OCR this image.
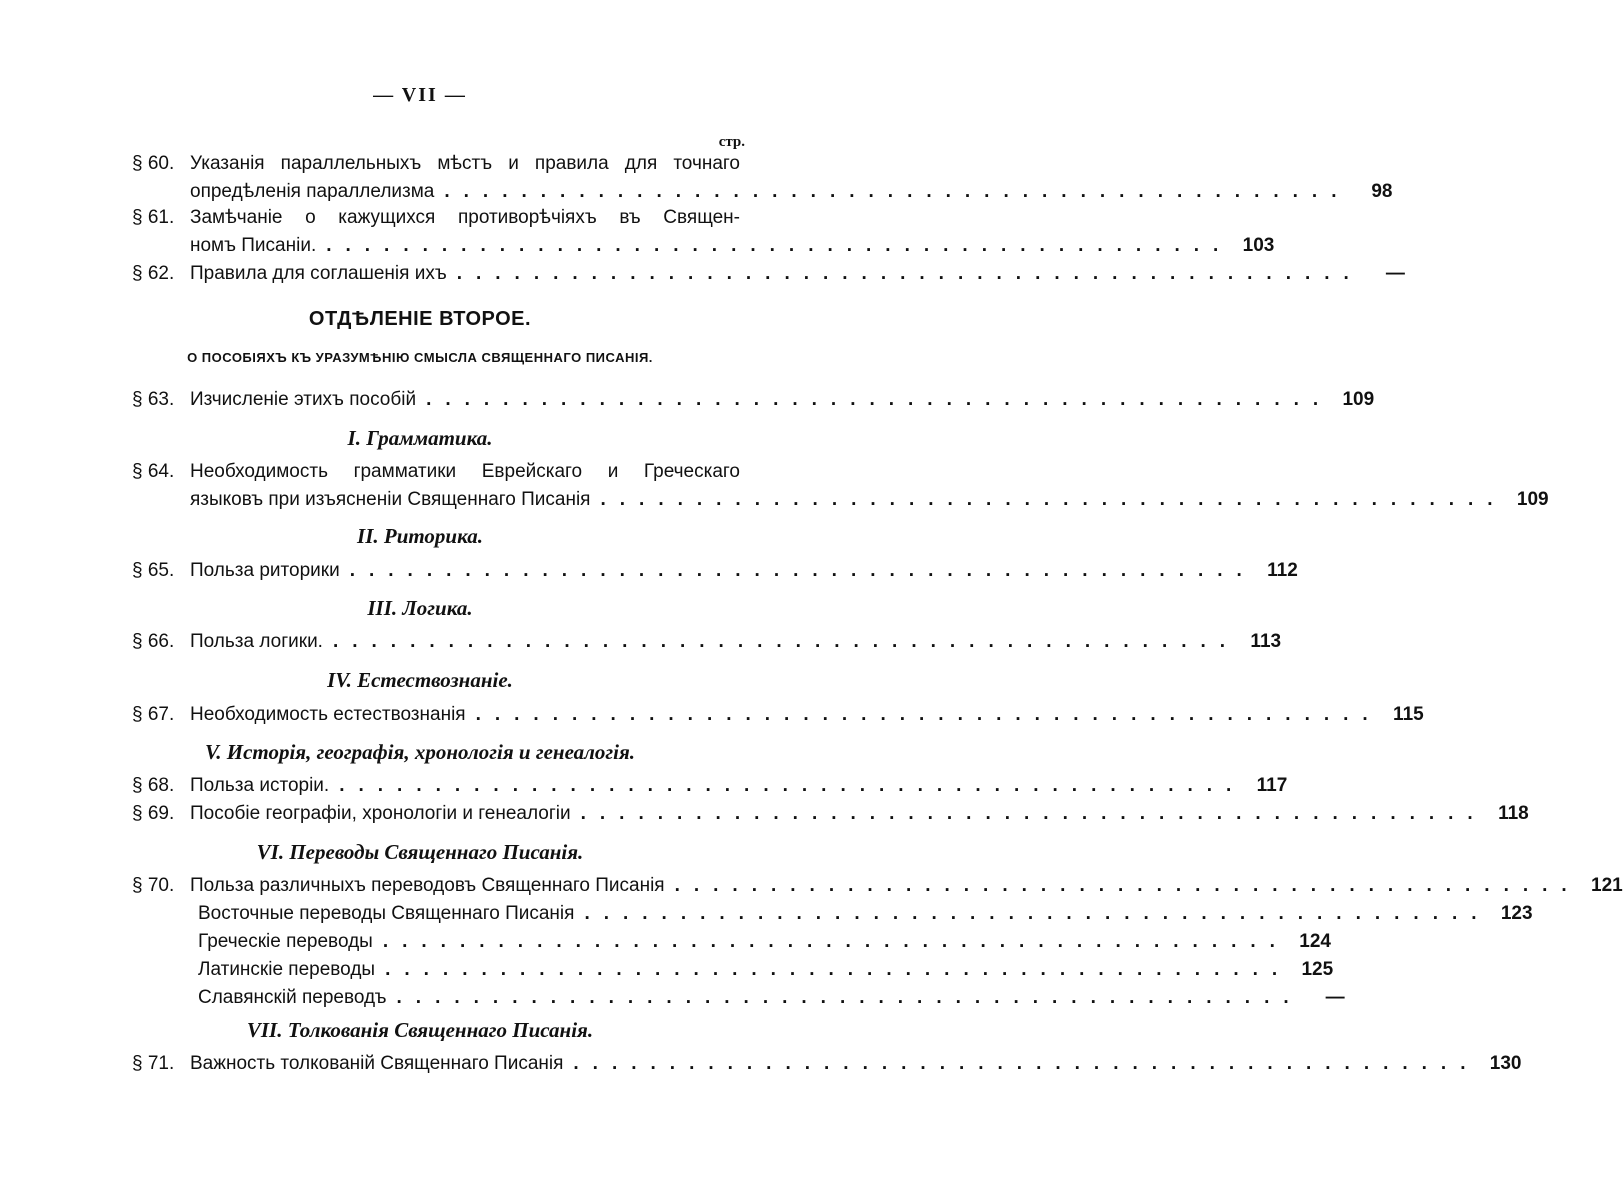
— VII —
стр.
§ 60. Указанія параллельныхъ мѣстъ и правила для точнаго
опредѣленія параллелизма ...............................................	98
§ 61. Замѣчаніе о кажущихся противорѣчіяхъ въ Священ-
номъ Писаніи. ............................................... 103
§ 62. Правила для соглашенія ихъ ...............................................	—
ОТДѢЛЕНІЕ ВТОРОЕ.
О ПОСОБІЯХЪ КЪ УРАЗУМѢНІЮ СМЫСЛА СВЯЩЕННАГО ПИСАНІЯ.
§ 63. Изчисленіе этихъ пособій ............................................... 109
I. Грамматика.
§ 64. Необходимость грамматики Еврейскаго и Греческаго
языковъ при изъясненіи Священнаго Писанія ............................................... 109
II. Риторика.
§ 65. Польза риторики ............................................... 112
III. Логика.
§ 66. Польза логики. ............................................... 113
IV. Естествознаніе.
§ 67. Необходимость естествознанія ............................................... 115
V. Исторія, географія, хронологія и генеалогія.
§ 68. Польза исторіи. ............................................... 117
§ 69. Пособіе географіи, хронологіи и генеалогіи ............................................... 118
VI. Переводы Священнаго Писанія.
§ 70. Польза различныхъ переводовъ Священнаго Писанія ............................................... 121
Восточные переводы Священнаго Писанія ............................................... 123
Греческіе переводы ............................................... 124
Латинскіе переводы ............................................... 125
Славянскій переводъ ...............................................	—
VII. Толкованія Священнаго Писанія.
§ 71. Важность толкованій Священнаго Писанія ............................................... 130
